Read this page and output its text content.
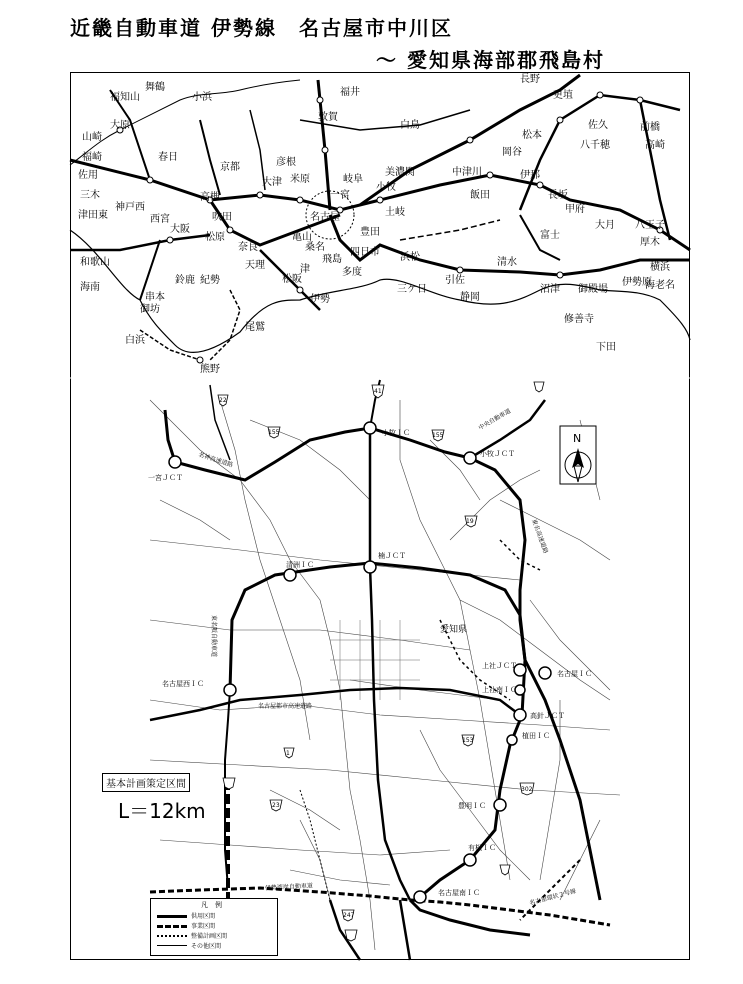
近畿自動車道 伊勢線　名古屋市中川区
～ 愛知県海部郡飛島村
福知山
舞鶴
小浜
大原
敦賀
福井
白鳥
長野
更埴
佐久	前橋
高崎
山崎
福崎
佐用
春日	彦根
米原	岐阜
美濃関	中津川
飯田
伊那
松本
岡谷
八千穂
三木
西宮
神戸西
吹田
高槻
京都
大津
一宮
小牧
土岐
豊田
名古屋
長坂
甲府
大月 八王子
厚木
津田東
大阪
松原
奈良
天理
亀山
四日市
桑名
飛島	浜松
引佐
清水
富士
沼津 御殿場
伊勢原
海老名
横浜
和歌山
海南
御坊
白浜
尾鷲
熊野
串本	伊勢
松阪
津
紀勢
鈴鹿
多度
静岡
三ケ日
下田
修善寺
41
22
155
19
1
23
302
247
155
153
小牧ＩＣ
小牧ＪＣＴ
一宮ＪＣＴ
清洲ＩＣ
楠ＪＣＴ
上社ＪＣＴ
上社南ＩＣ
名古屋西ＩＣ
高針ＪＣＴ
植田ＩＣ
名古屋南ＩＣ
有松ＩＣ
豊明ＩＣ
名古屋ＩＣ
愛知県
名神高速道路
東名阪自動車道
名古屋環状２号線
伊勢湾岸自動車道
名古屋都市高速道路
東名高速道路
中央自動車道
N
基本計画策定区間
L＝12km
凡　例
供用区間
事業区間
整備計画区間
その他区間
